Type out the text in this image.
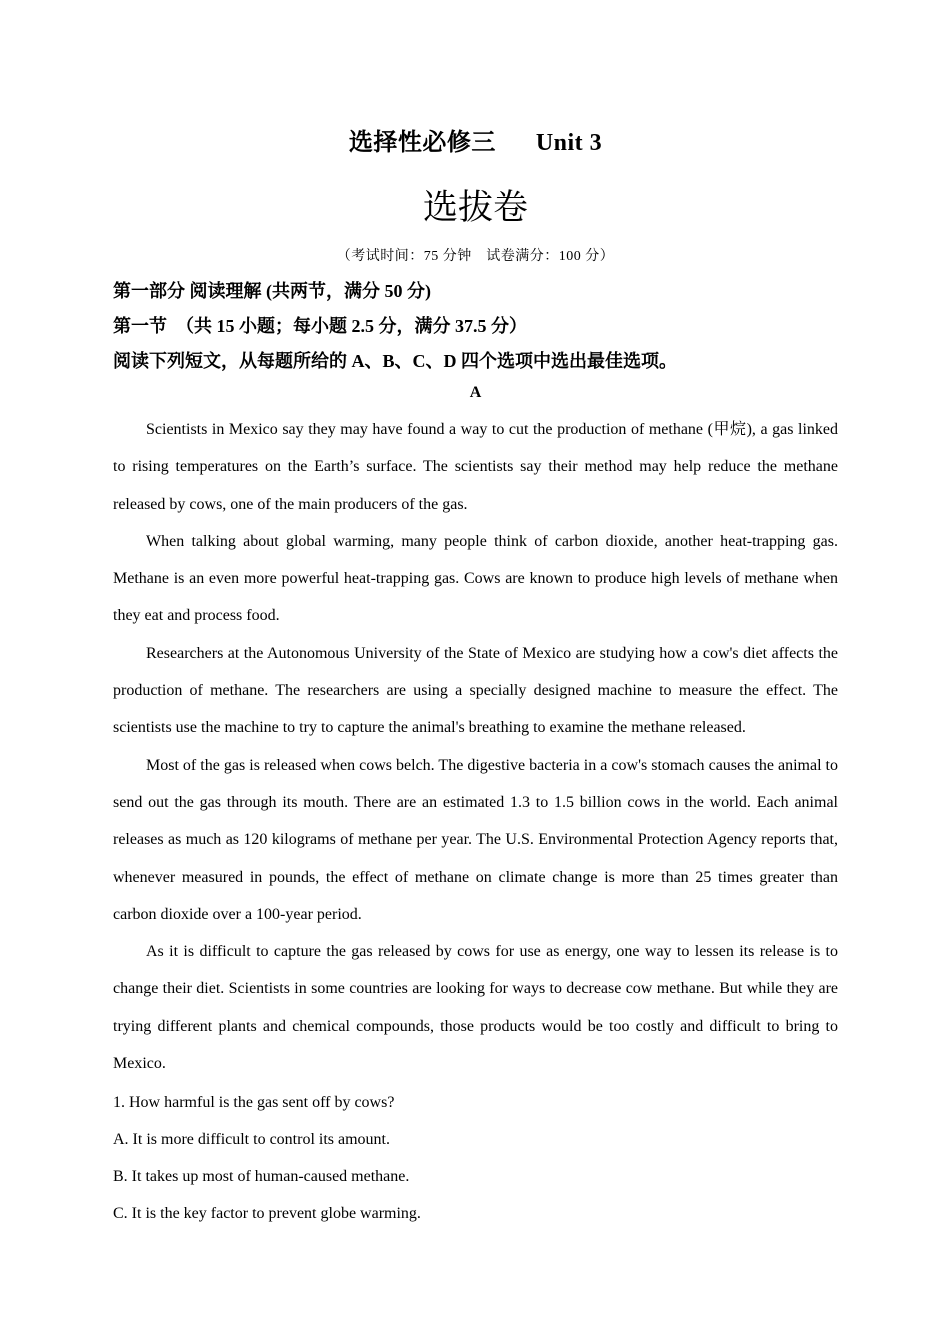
选择性必修三 Unit 3
选拔卷
（考试时间：75 分钟　试卷满分：100 分）
第一部分 阅读理解 (共两节，满分 50 分)
第一节　（共 15 小题；每小题 2.5 分，满分 37.5 分）
阅读下列短文，从每题所给的 A、B、C、D 四个选项中选出最佳选项。
A

Scientists in Mexico say they may have found a way to cut the production of methane (甲烷), a gas linked to rising temperatures on the Earth’s surface. The scientists say their method may help reduce the methane released by cows, one of the main producers of the gas.

When talking about global warming, many people think of carbon dioxide, another heat-trapping gas. Methane is an even more powerful heat-trapping gas. Cows are known to produce high levels of methane when they eat and process food.

Researchers at the Autonomous University of the State of Mexico are studying how a cow's diet affects the production of methane. The researchers are using a specially designed machine to measure the effect. The scientists use the machine to try to capture the animal's breathing to examine the methane released.

Most of the gas is released when cows belch. The digestive bacteria in a cow's stomach causes the animal to send out the gas through its mouth. There are an estimated 1.3 to 1.5 billion cows in the world. Each animal releases as much as 120 kilograms of methane per year. The U.S. Environmental Protection Agency reports that, whenever measured in pounds, the effect of methane on climate change is more than 25 times greater than carbon dioxide over a 100-year period.

As it is difficult to capture the gas released by cows for use as energy, one way to lessen its release is to change their diet. Scientists in some countries are looking for ways to decrease cow methane. But while they are trying different plants and chemical compounds, those products would be too costly and difficult to bring to Mexico.

1. How harmful is the gas sent off by cows?
A. It is more difficult to control its amount.
B. It takes up most of human-caused methane.
C. It is the key factor to prevent globe warming.
